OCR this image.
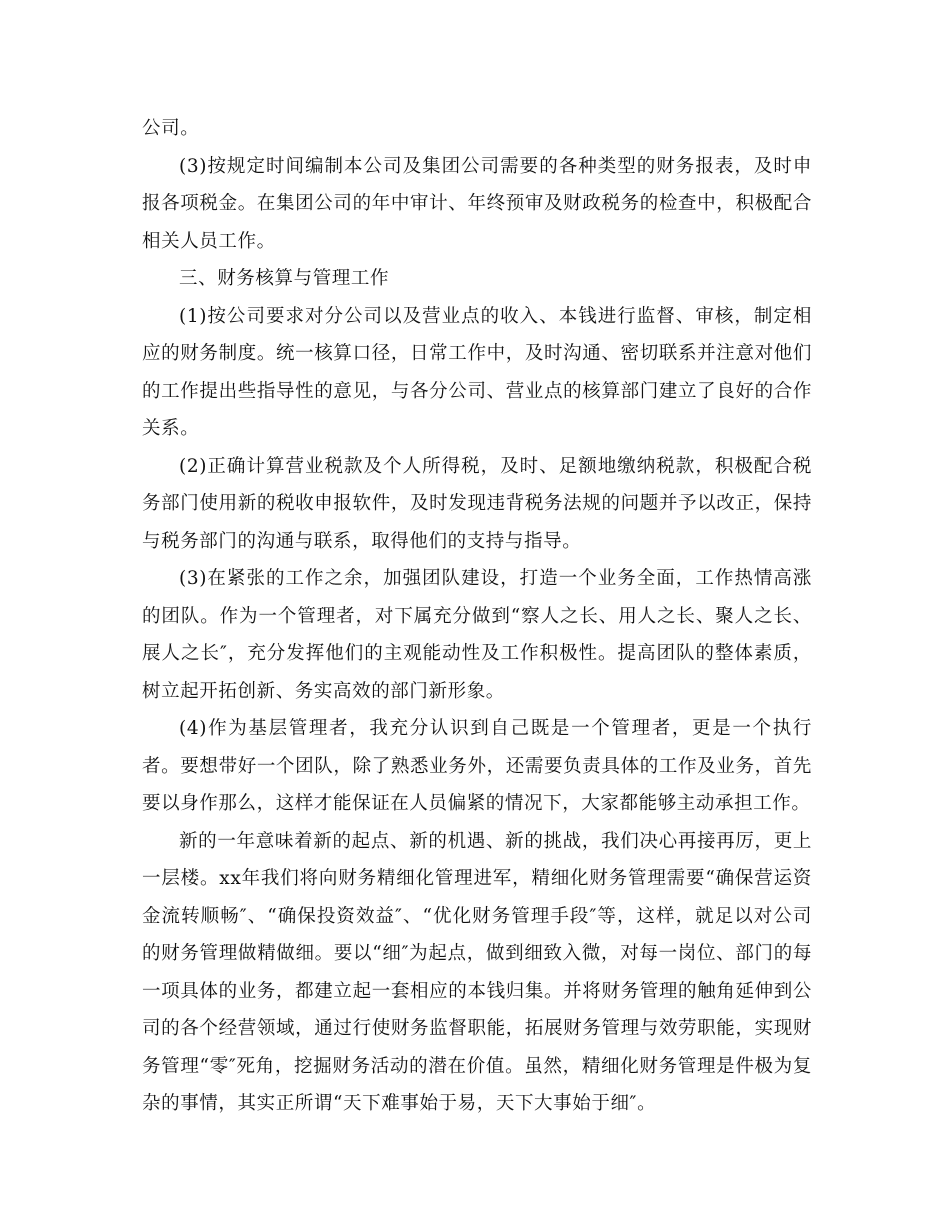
公司。

(3)按规定时间编制本公司及集团公司需要的各种类型的财务报表，及时申报各项税金。在集团公司的年中审计、年终预审及财政税务的检查中，积极配合相关人员工作。

三、财务核算与管理工作

(1)按公司要求对分公司以及营业点的收入、本钱进行监督、审核，制定相应的财务制度。统一核算口径，日常工作中，及时沟通、密切联系并注意对他们的工作提出些指导性的意见，与各分公司、营业点的核算部门建立了良好的合作关系。

(2)正确计算营业税款及个人所得税，及时、足额地缴纳税款，积极配合税务部门使用新的税收申报软件，及时发现违背税务法规的问题并予以改正，保持与税务部门的沟通与联系，取得他们的支持与指导。

(3)在紧张的工作之余，加强团队建设，打造一个业务全面，工作热情高涨的团队。作为一个管理者，对下属充分做到“察人之长、用人之长、聚人之长、展人之长″，充分发挥他们的主观能动性及工作积极性。提高团队的整体素质，树立起开拓创新、务实高效的部门新形象。

(4)作为基层管理者，我充分认识到自己既是一个管理者，更是一个执行者。要想带好一个团队，除了熟悉业务外，还需要负责具体的工作及业务，首先要以身作那么，这样才能保证在人员偏紧的情况下，大家都能够主动承担工作。

新的一年意味着新的起点、新的机遇、新的挑战，我们决心再接再厉，更上一层楼。xx年我们将向财务精细化管理进军，精细化财务管理需要“确保营运资金流转顺畅″、“确保投资效益″、“优化财务管理手段″等，这样，就足以对公司的财务管理做精做细。要以“细″为起点，做到细致入微，对每一岗位、部门的每一项具体的业务，都建立起一套相应的本钱归集。并将财务管理的触角延伸到公司的各个经营领域，通过行使财务监督职能，拓展财务管理与效劳职能，实现财务管理“零″死角，挖掘财务活动的潜在价值。虽然，精细化财务管理是件极为复杂的事情，其实正所谓“天下难事始于易，天下大事始于细″。
